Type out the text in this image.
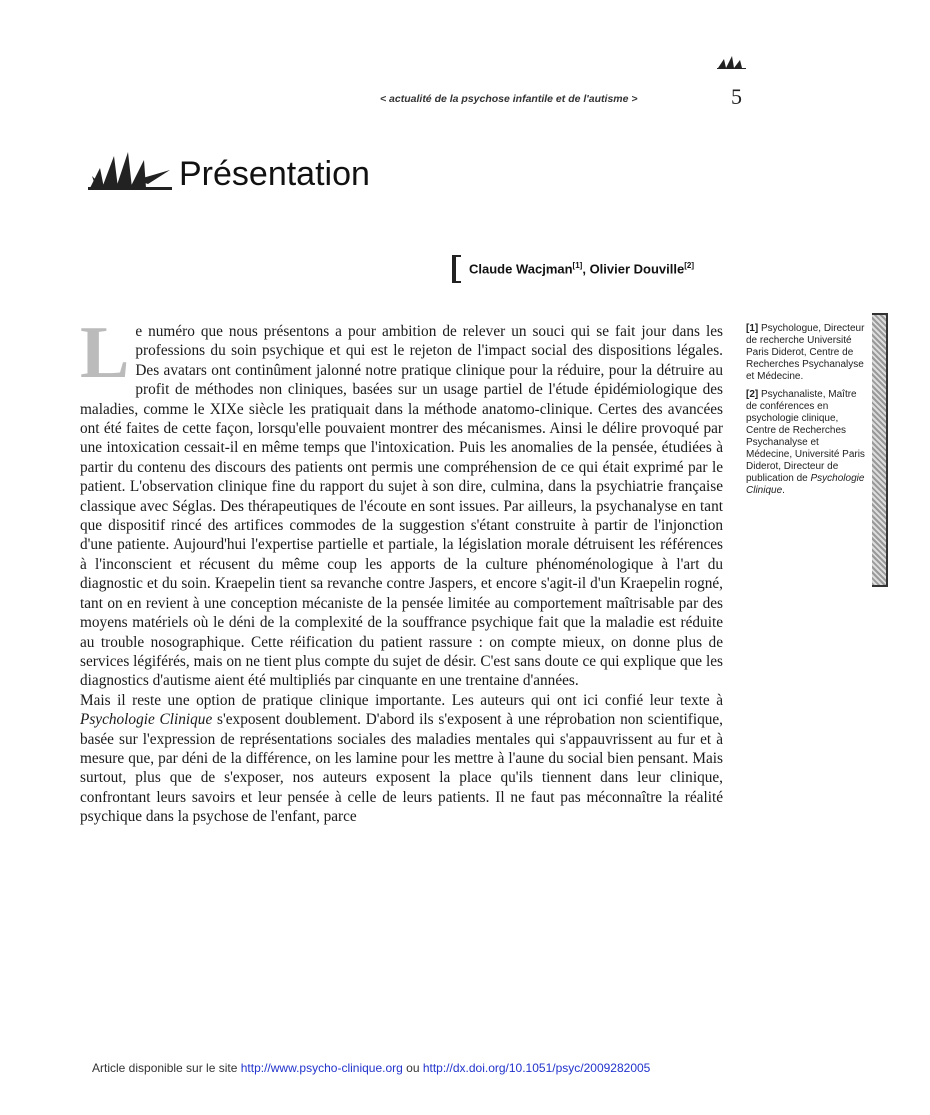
< actualité de la psychose infantile et de l'autisme >	5
Présentation
Claude Wacjman[1], Olivier Douville[2]

Le numéro que nous présentons a pour ambition de relever un souci qui se fait jour dans les professions du soin psychique et qui est le rejeton de l'impact social des dispositions légales. Des avatars ont continûment jalonné notre pratique clinique pour la réduire, pour la détruire au profit de méthodes non cliniques, basées sur un usage partiel de l'étude épidémiologique des maladies, comme le XIXe siècle les pratiquait dans la méthode anatomo-clinique. Certes des avancées ont été faites de cette façon, lorsqu'elle pouvaient montrer des mécanismes. Ainsi le délire provoqué par une intoxication cessait-il en même temps que l'intoxication. Puis les anomalies de la pensée, étudiées à partir du contenu des discours des patients ont permis une compréhension de ce qui était exprimé par le patient. L'observation clinique fine du rapport du sujet à son dire, culmina, dans la psychiatrie française classique avec Séglas. Des thérapeutiques de l'écoute en sont issues. Par ailleurs, la psychanalyse en tant que dispositif rincé des artifices commodes de la suggestion s'étant construite à partir de l'injonction d'une patiente. Aujourd'hui l'expertise partielle et partiale, la législation morale détruisent les références à l'inconscient et récusent du même coup les apports de la culture phénoménologique à l'art du diagnostic et du soin. Kraepelin tient sa revanche contre Jaspers, et encore s'agit-il d'un Kraepelin rogné, tant on en revient à une conception mécaniste de la pensée limitée au comportement maîtrisable par des moyens matériels où le déni de la complexité de la souffrance psychique fait que la maladie est réduite au trouble nosographique. Cette réification du patient rassure : on compte mieux, on donne plus de services légiférés, mais on ne tient plus compte du sujet de désir. C'est sans doute ce qui explique que les diagnostics d'autisme aient été multipliés par cinquante en une trentaine d'années.

Mais il reste une option de pratique clinique importante. Les auteurs qui ont ici confié leur texte à Psychologie Clinique s'exposent doublement. D'abord ils s'exposent à une réprobation non scientifique, basée sur l'expression de représentations sociales des maladies mentales qui s'appauvrissent au fur et à mesure que, par déni de la différence, on les lamine pour les mettre à l'aune du social bien pensant. Mais surtout, plus que de s'exposer, nos auteurs exposent la place qu'ils tiennent dans leur clinique, confrontant leurs savoirs et leur pensée à celle de leurs patients. Il ne faut pas méconnaître la réalité psychique dans la psychose de l'enfant, parce

[1] Psychologue, Directeur de recherche Université Paris Diderot, Centre de Recherches Psychanalyse et Médecine.

[2] Psychanaliste, Maître de conférences en psychologie clinique, Centre de Recherches Psychanalyse et Médecine, Université Paris Diderot, Directeur de publication de Psychologie Clinique.

Article disponible sur le site http://www.psycho-clinique.org ou http://dx.doi.org/10.1051/psyc/2009282005
